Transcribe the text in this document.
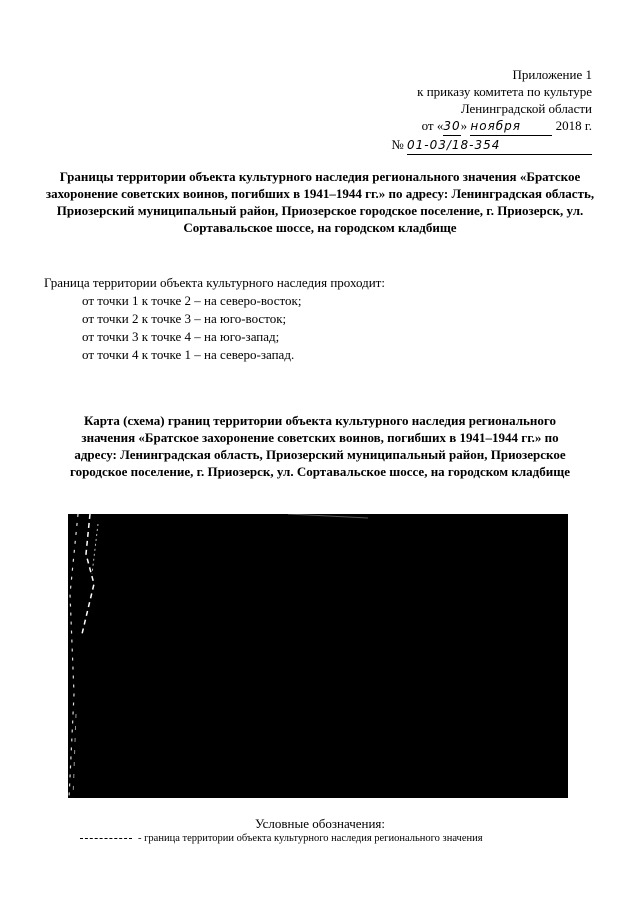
Приложение 1
к приказу комитета по культуре
Ленинградской области
от «30» ноября	2018 г.
№ 01-03/18-354
Границы территории объекта культурного наследия регионального значения «Братское захоронение советских воинов, погибших в 1941–1944 гг.» по адресу: Ленинградская область, Приозерский муниципальный район, Приозерское городское поселение, г. Приозерск, ул. Сортавальское шоссе, на городском кладбище
Граница территории объекта культурного наследия проходит:
от точки 1 к точке 2 – на северо-восток;
от точки 2 к точке 3 – на юго-восток;
от точки 3 к точке 4 – на юго-запад;
от точки 4 к точке 1 – на северо-запад.
Карта (схема) границ территории объекта культурного наследия регионального значения «Братское захоронение советских воинов, погибших в 1941–1944 гг.» по адресу: Ленинградская область, Приозерский муниципальный район, Приозерское городское поселение, г. Приозерск, ул. Сортавальское шоссе, на городском кладбище
Условные обозначения:
- граница территории объекта культурного наследия регионального значения
